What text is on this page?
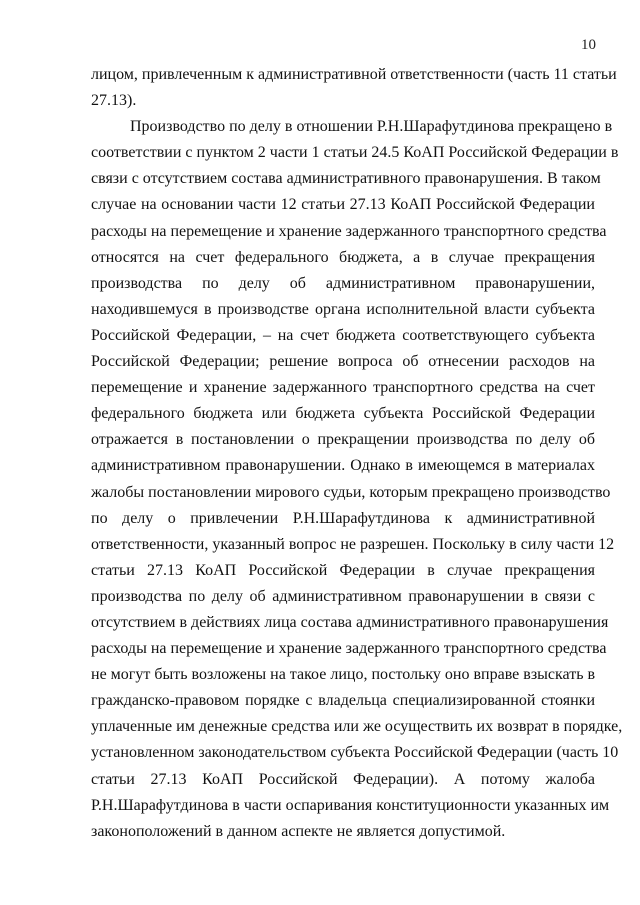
10
лицом, привлеченным к административной ответственности (часть 11 статьи
27.13).
Производство по делу в отношении Р.Н.Шарафутдинова прекращено в
соответствии с пунктом 2 части 1 статьи 24.5 КоАП Российской Федерации в
связи с отсутствием состава административного правонарушения. В таком
случае на основании части 12 статьи 27.13 КоАП Российской Федерации
расходы на перемещение и хранение задержанного транспортного средства
относятся на счет федерального бюджета, а в случае прекращения
производства по делу об административном правонарушении,
находившемуся в производстве органа исполнительной власти субъекта
Российской Федерации, – на счет бюджета соответствующего субъекта
Российской Федерации; решение вопроса об отнесении расходов на
перемещение и хранение задержанного транспортного средства на счет
федерального бюджета или бюджета субъекта Российской Федерации
отражается в постановлении о прекращении производства по делу об
административном правонарушении. Однако в имеющемся в материалах
жалобы постановлении мирового судьи, которым прекращено производство
по делу о привлечении Р.Н.Шарафутдинова к административной
ответственности, указанный вопрос не разрешен. Поскольку в силу части 12
статьи 27.13 КоАП Российской Федерации в случае прекращения
производства по делу об административном правонарушении в связи с
отсутствием в действиях лица состава административного правонарушения
расходы на перемещение и хранение задержанного транспортного средства
не могут быть возложены на такое лицо, постольку оно вправе взыскать в
гражданско-правовом порядке с владельца специализированной стоянки
уплаченные им денежные средства или же осуществить их возврат в порядке,
установленном законодательством субъекта Российской Федерации (часть 10
статьи 27.13 КоАП Российской Федерации). А потому жалоба
Р.Н.Шарафутдинова в части оспаривания конституционности указанных им
законоположений в данном аспекте не является допустимой.
